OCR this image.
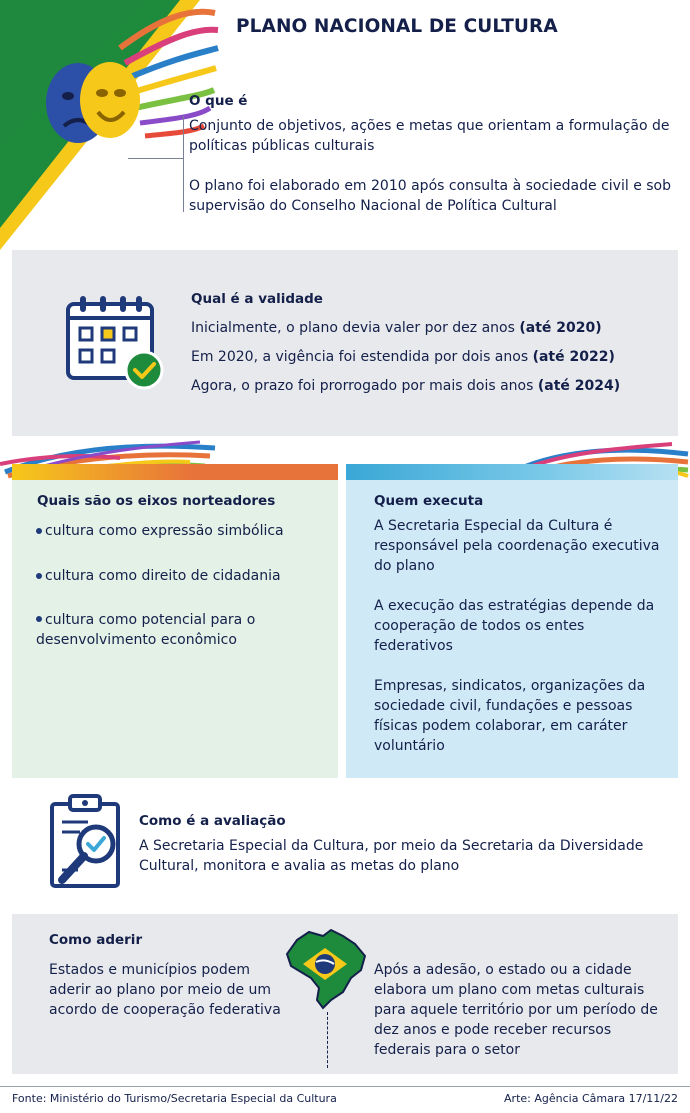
PLANO NACIONAL DE CULTURA
O que é
Conjunto de objetivos, ações e metas que orientam a formulação de políticas públicas culturais
O plano foi elaborado em 2010 após consulta à sociedade civil e sob supervisão do Conselho Nacional de Política Cultural
Qual é a validade
Inicialmente, o plano devia valer por dez anos (até 2020)
Em 2020, a vigência foi estendida por dois anos (até 2022)
Agora, o prazo foi prorrogado por mais dois anos (até 2024)
Quais são os eixos norteadores
cultura como expressão simbólica
cultura como direito de cidadania
cultura como potencial para o desenvolvimento econômico
Quem executa
A Secretaria Especial da Cultura é responsável pela coordenação executiva do plano
A execução das estratégias depende da cooperação de todos os entes federativos
Empresas, sindicatos, organizações da sociedade civil, fundações e pessoas físicas podem colaborar, em caráter voluntário
Como é a avaliação
A Secretaria Especial da Cultura, por meio da Secretaria da Diversidade Cultural, monitora e avalia as metas do plano
Como aderir
Estados e municípios podem aderir ao plano por meio de um acordo de cooperação federativa
Após a adesão, o estado ou a cidade elabora um plano com metas culturais para aquele território por um período de dez anos e pode receber recursos federais para o setor
Fonte: Ministério do Turismo/Secretaria Especial da Cultura	Arte: Agência Câmara 17/11/22
